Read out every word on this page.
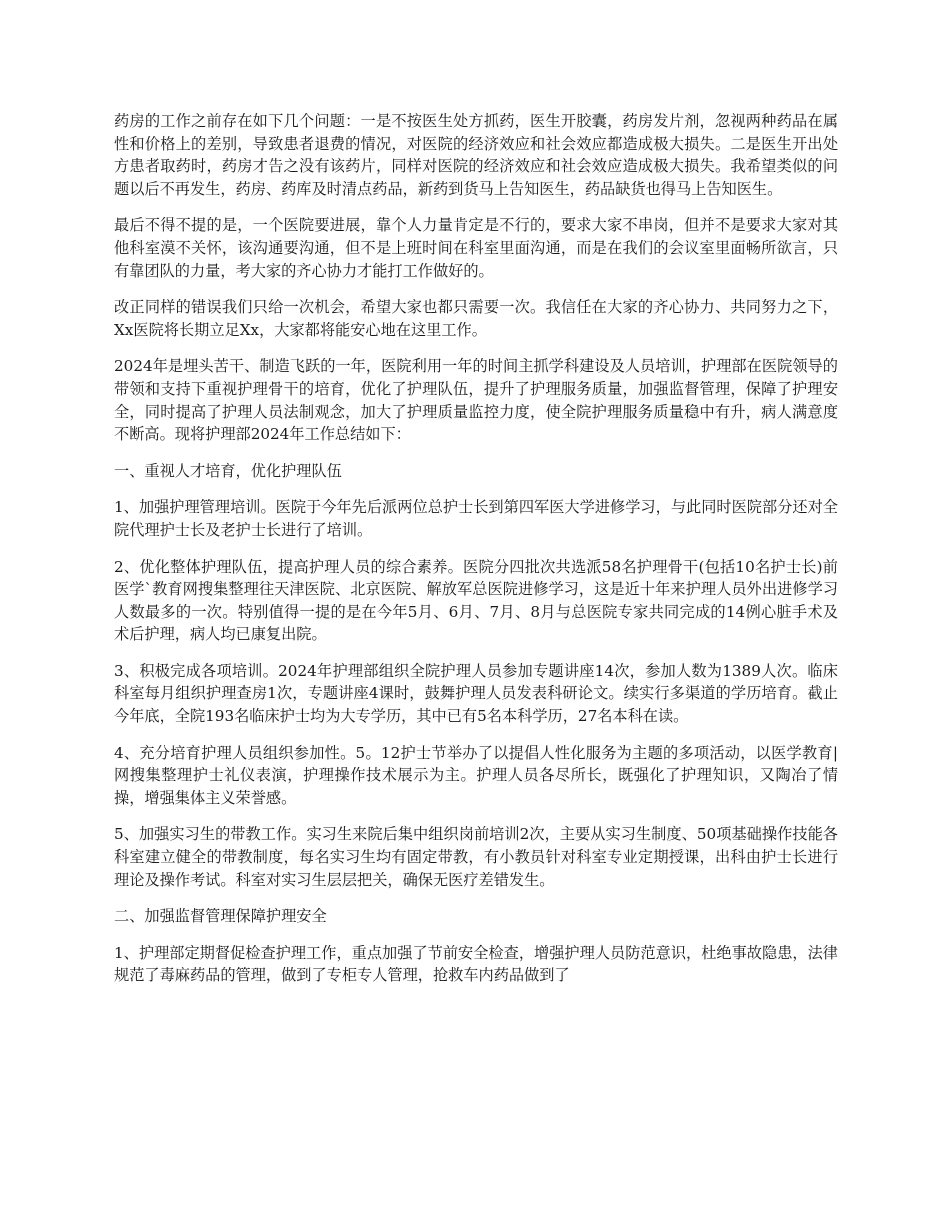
药房的工作之前存在如下几个问题：一是不按医生处方抓药，医生开胶囊，药房发片剂，忽视两种药品在属性和价格上的差别，导致患者退费的情况，对医院的经济效应和社会效应都造成极大损失。二是医生开出处方患者取药时，药房才告之没有该药片，同样对医院的经济效应和社会效应造成极大损失。我希望类似的问题以后不再发生，药房、药库及时清点药品，新药到货马上告知医生，药品缺货也得马上告知医生。

最后不得不提的是，一个医院要进展，靠个人力量肯定是不行的，要求大家不串岗，但并不是要求大家对其他科室漠不关怀，该沟通要沟通，但不是上班时间在科室里面沟通，而是在我们的会议室里面畅所欲言，只有靠团队的力量，考大家的齐心协力才能打工作做好的。

改正同样的错误我们只给一次机会，希望大家也都只需要一次。我信任在大家的齐心协力、共同努力之下，Xx医院将长期立足Xx，大家都将能安心地在这里工作。

2024年是埋头苦干、制造飞跃的一年，医院利用一年的时间主抓学科建设及人员培训，护理部在医院领导的带领和支持下重视护理骨干的培育，优化了护理队伍，提升了护理服务质量，加强监督管理，保障了护理安全，同时提高了护理人员法制观念，加大了护理质量监控力度，使全院护理服务质量稳中有升，病人满意度不断高。现将护理部2024年工作总结如下：

一、重视人才培育，优化护理队伍

1、加强护理管理培训。医院于今年先后派两位总护士长到第四军医大学进修学习，与此同时医院部分还对全院代理护士长及老护士长进行了培训。

2、优化整体护理队伍，提高护理人员的综合素养。医院分四批次共选派58名护理骨干(包括10名护士长)前医学`教育网搜集整理往天津医院、北京医院、解放军总医院进修学习，这是近十年来护理人员外出进修学习人数最多的一次。特别值得一提的是在今年5月、6月、7月、8月与总医院专家共同完成的14例心脏手术及术后护理，病人均已康复出院。

3、积极完成各项培训。2024年护理部组织全院护理人员参加专题讲座14次，参加人数为1389人次。临床科室每月组织护理查房1次，专题讲座4课时，鼓舞护理人员发表科研论文。续实行多渠道的学历培育。截止今年底，全院193名临床护士均为大专学历，其中已有5名本科学历，27名本科在读。

4、充分培育护理人员组织参加性。5。12护士节举办了以提倡人性化服务为主题的多项活动，以医学教育|网搜集整理护士礼仪表演，护理操作技术展示为主。护理人员各尽所长，既强化了护理知识，又陶冶了情操，增强集体主义荣誉感。

5、加强实习生的带教工作。实习生来院后集中组织岗前培训2次，主要从实习生制度、50项基础操作技能各科室建立健全的带教制度，每名实习生均有固定带教，有小教员针对科室专业定期授课，出科由护士长进行理论及操作考试。科室对实习生层层把关，确保无医疗差错发生。

二、加强监督管理保障护理安全

1、护理部定期督促检查护理工作，重点加强了节前安全检查，增强护理人员防范意识，杜绝事故隐患，法律规范了毒麻药品的管理，做到了专柜专人管理，抢救车内药品做到了
